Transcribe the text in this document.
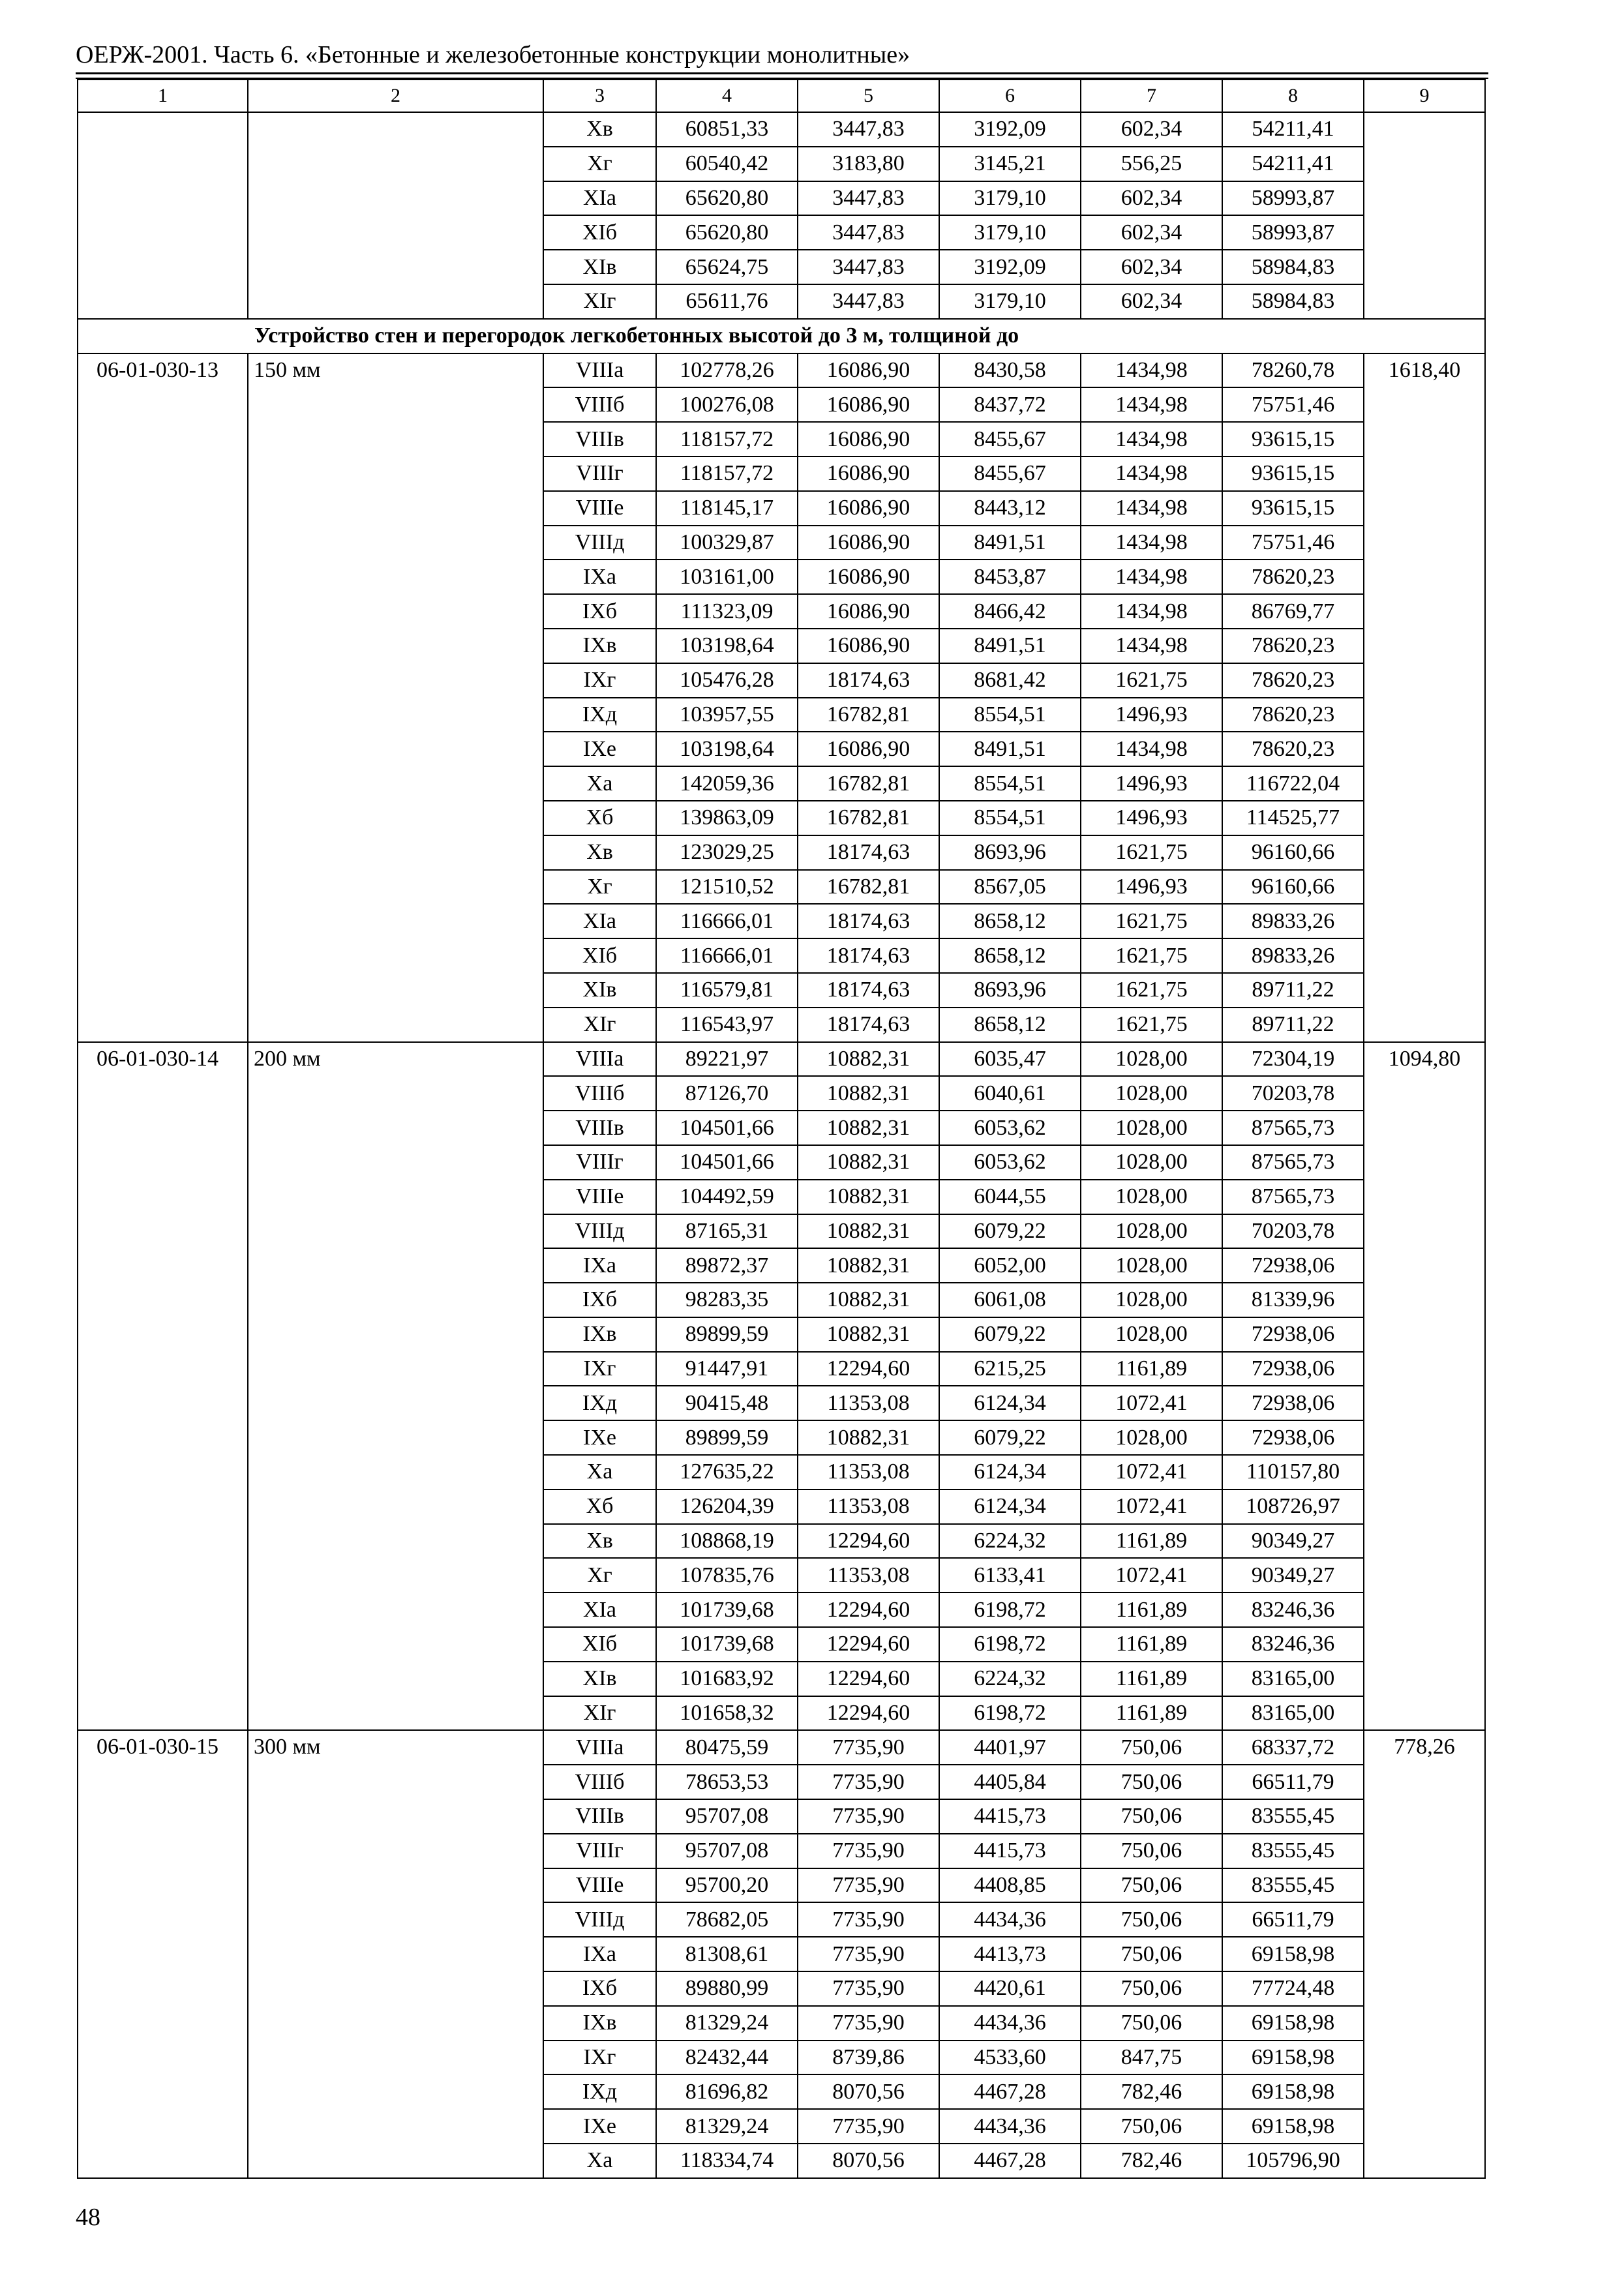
ОЕРЖ-2001. Часть 6. «Бетонные и железобетонные конструкции монолитные»
1	2	3	4	5	6	7	8	9
		Хв	60851,33	3447,83	3192,09	602,34	54211,41	
		Хг	60540,42	3183,80	3145,21	556,25	54211,41	
		XIа	65620,80	3447,83	3179,10	602,34	58993,87	
		XIб	65620,80	3447,83	3179,10	602,34	58993,87	
		XIв	65624,75	3447,83	3192,09	602,34	58984,83	
		XIг	65611,76	3447,83	3179,10	602,34	58984,83	
Устройство стен и перегородок легкобетонных высотой до 3 м, толщиной до								
06-01-030-13	150 мм	VIIIа	102778,26	16086,90	8430,58	1434,98	78260,78	1618,40
		VIIIб	100276,08	16086,90	8437,72	1434,98	75751,46	
		VIIIв	118157,72	16086,90	8455,67	1434,98	93615,15	
		VIIIг	118157,72	16086,90	8455,67	1434,98	93615,15	
		VIIIе	118145,17	16086,90	8443,12	1434,98	93615,15	
		VIIIд	100329,87	16086,90	8491,51	1434,98	75751,46	
		IXа	103161,00	16086,90	8453,87	1434,98	78620,23	
		IXб	111323,09	16086,90	8466,42	1434,98	86769,77	
		IXв	103198,64	16086,90	8491,51	1434,98	78620,23	
		IXг	105476,28	18174,63	8681,42	1621,75	78620,23	
		IXд	103957,55	16782,81	8554,51	1496,93	78620,23	
		IXе	103198,64	16086,90	8491,51	1434,98	78620,23	
		Ха	142059,36	16782,81	8554,51	1496,93	116722,04	
		Хб	139863,09	16782,81	8554,51	1496,93	114525,77	
		Хв	123029,25	18174,63	8693,96	1621,75	96160,66	
		Хг	121510,52	16782,81	8567,05	1496,93	96160,66	
		XIа	116666,01	18174,63	8658,12	1621,75	89833,26	
		XIб	116666,01	18174,63	8658,12	1621,75	89833,26	
		XIв	116579,81	18174,63	8693,96	1621,75	89711,22	
		XIг	116543,97	18174,63	8658,12	1621,75	89711,22	
06-01-030-14	200 мм	VIIIа	89221,97	10882,31	6035,47	1028,00	72304,19	1094,80
		VIIIб	87126,70	10882,31	6040,61	1028,00	70203,78	
		VIIIв	104501,66	10882,31	6053,62	1028,00	87565,73	
		VIIIг	104501,66	10882,31	6053,62	1028,00	87565,73	
		VIIIе	104492,59	10882,31	6044,55	1028,00	87565,73	
		VIIIд	87165,31	10882,31	6079,22	1028,00	70203,78	
		IXа	89872,37	10882,31	6052,00	1028,00	72938,06	
		IXб	98283,35	10882,31	6061,08	1028,00	81339,96	
		IXв	89899,59	10882,31	6079,22	1028,00	72938,06	
		IXг	91447,91	12294,60	6215,25	1161,89	72938,06	
		IXд	90415,48	11353,08	6124,34	1072,41	72938,06	
		IXе	89899,59	10882,31	6079,22	1028,00	72938,06	
		Ха	127635,22	11353,08	6124,34	1072,41	110157,80	
		Хб	126204,39	11353,08	6124,34	1072,41	108726,97	
		Хв	108868,19	12294,60	6224,32	1161,89	90349,27	
		Хг	107835,76	11353,08	6133,41	1072,41	90349,27	
		XIа	101739,68	12294,60	6198,72	1161,89	83246,36	
		XIб	101739,68	12294,60	6198,72	1161,89	83246,36	
		XIв	101683,92	12294,60	6224,32	1161,89	83165,00	
		XIг	101658,32	12294,60	6198,72	1161,89	83165,00	
06-01-030-15	300 мм	VIIIа	80475,59	7735,90	4401,97	750,06	68337,72	778,26
		VIIIб	78653,53	7735,90	4405,84	750,06	66511,79	
		VIIIв	95707,08	7735,90	4415,73	750,06	83555,45	
		VIIIг	95707,08	7735,90	4415,73	750,06	83555,45	
		VIIIе	95700,20	7735,90	4408,85	750,06	83555,45	
		VIIIд	78682,05	7735,90	4434,36	750,06	66511,79	
		IXа	81308,61	7735,90	4413,73	750,06	69158,98	
		IXб	89880,99	7735,90	4420,61	750,06	77724,48	
		IXв	81329,24	7735,90	4434,36	750,06	69158,98	
		IXг	82432,44	8739,86	4533,60	847,75	69158,98	
		IXд	81696,82	8070,56	4467,28	782,46	69158,98	
		IXе	81329,24	7735,90	4434,36	750,06	69158,98	
		Ха	118334,74	8070,56	4467,28	782,46	105796,90	
48
